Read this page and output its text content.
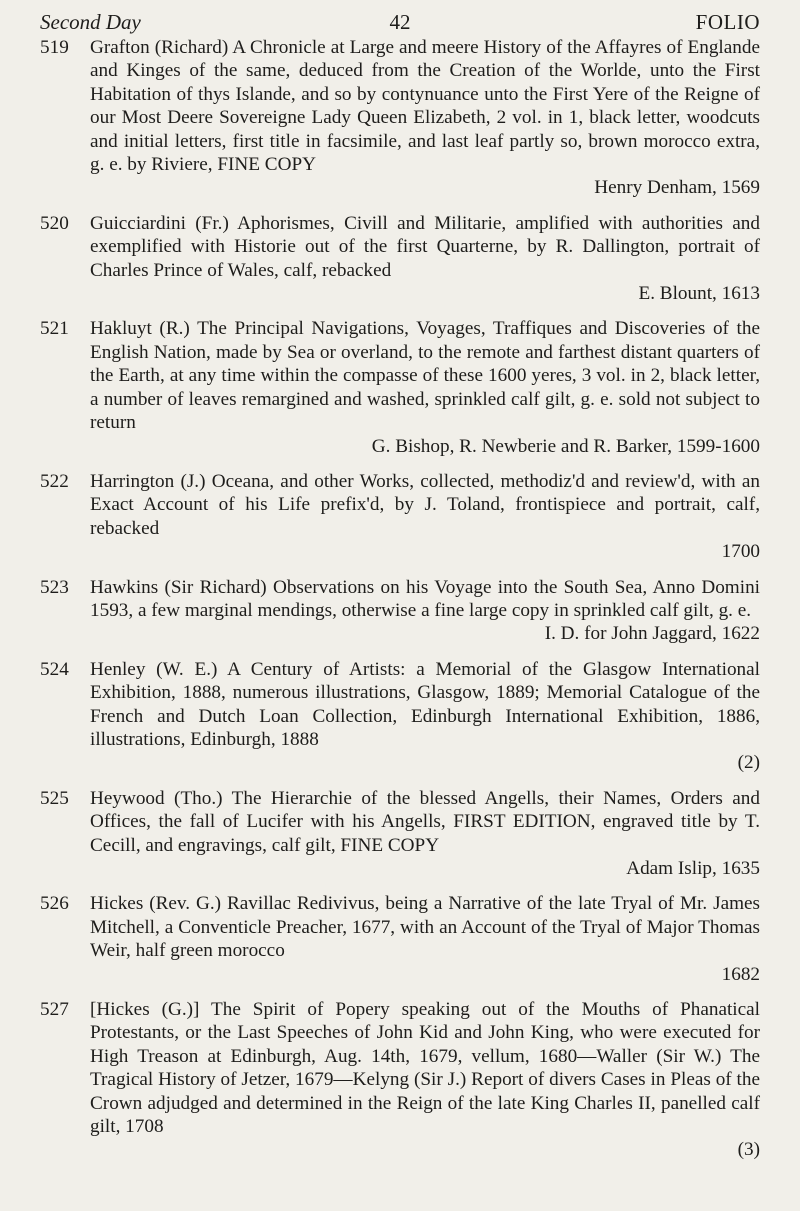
Second Day	42	FOLIO
519	Grafton (Richard) A Chronicle at Large and meere History of the Affayres of Englande and Kinges of the same, deduced from the Creation of the Worlde, unto the First Habitation of thys Islande, and so by contynuance unto the First Yere of the Reigne of our Most Deere Sovereigne Lady Queen Elizabeth, 2 vol. in 1, black letter, woodcuts and initial letters, first title in facsimile, and last leaf partly so, brown morocco extra, g. e. by Riviere, FINE COPY
Henry Denham, 1569
520	Guicciardini (Fr.) Aphorismes, Civill and Militarie, amplified with authorities and exemplified with Historie out of the first Quarterne, by R. Dallington, portrait of Charles Prince of Wales, calf, rebacked
E. Blount, 1613
521	Hakluyt (R.) The Principal Navigations, Voyages, Traffiques and Discoveries of the English Nation, made by Sea or overland, to the remote and farthest distant quarters of the Earth, at any time within the compasse of these 1600 yeres, 3 vol. in 2, black letter, a number of leaves remargined and washed, sprinkled calf gilt, g. e. sold not subject to return
G. Bishop, R. Newberie and R. Barker, 1599-1600
522	Harrington (J.) Oceana, and other Works, collected, methodiz'd and review'd, with an Exact Account of his Life prefix'd, by J. Toland, frontispiece and portrait, calf, rebacked
1700
523	Hawkins (Sir Richard) Observations on his Voyage into the South Sea, Anno Domini 1593, a few marginal mendings, otherwise a fine large copy in sprinkled calf gilt, g. e.
I. D. for John Jaggard, 1622
524	Henley (W. E.) A Century of Artists: a Memorial of the Glasgow International Exhibition, 1888, numerous illustrations, Glasgow, 1889; Memorial Catalogue of the French and Dutch Loan Collection, Edinburgh International Exhibition, 1886, illustrations, Edinburgh, 1888
(2)
525	Heywood (Tho.) The Hierarchie of the blessed Angells, their Names, Orders and Offices, the fall of Lucifer with his Angells, FIRST EDITION, engraved title by T. Cecill, and engravings, calf gilt, FINE COPY
Adam Islip, 1635
526	Hickes (Rev. G.) Ravillac Redivivus, being a Narrative of the late Tryal of Mr. James Mitchell, a Conventicle Preacher, 1677, with an Account of the Tryal of Major Thomas Weir, half green morocco
1682
527	[Hickes (G.)] The Spirit of Popery speaking out of the Mouths of Phanatical Protestants, or the Last Speeches of John Kid and John King, who were executed for High Treason at Edinburgh, Aug. 14th, 1679, vellum, 1680—Waller (Sir W.) The Tragical History of Jetzer, 1679—Kelyng (Sir J.) Report of divers Cases in Pleas of the Crown adjudged and determined in the Reign of the late King Charles II, panelled calf gilt, 1708
(3)
